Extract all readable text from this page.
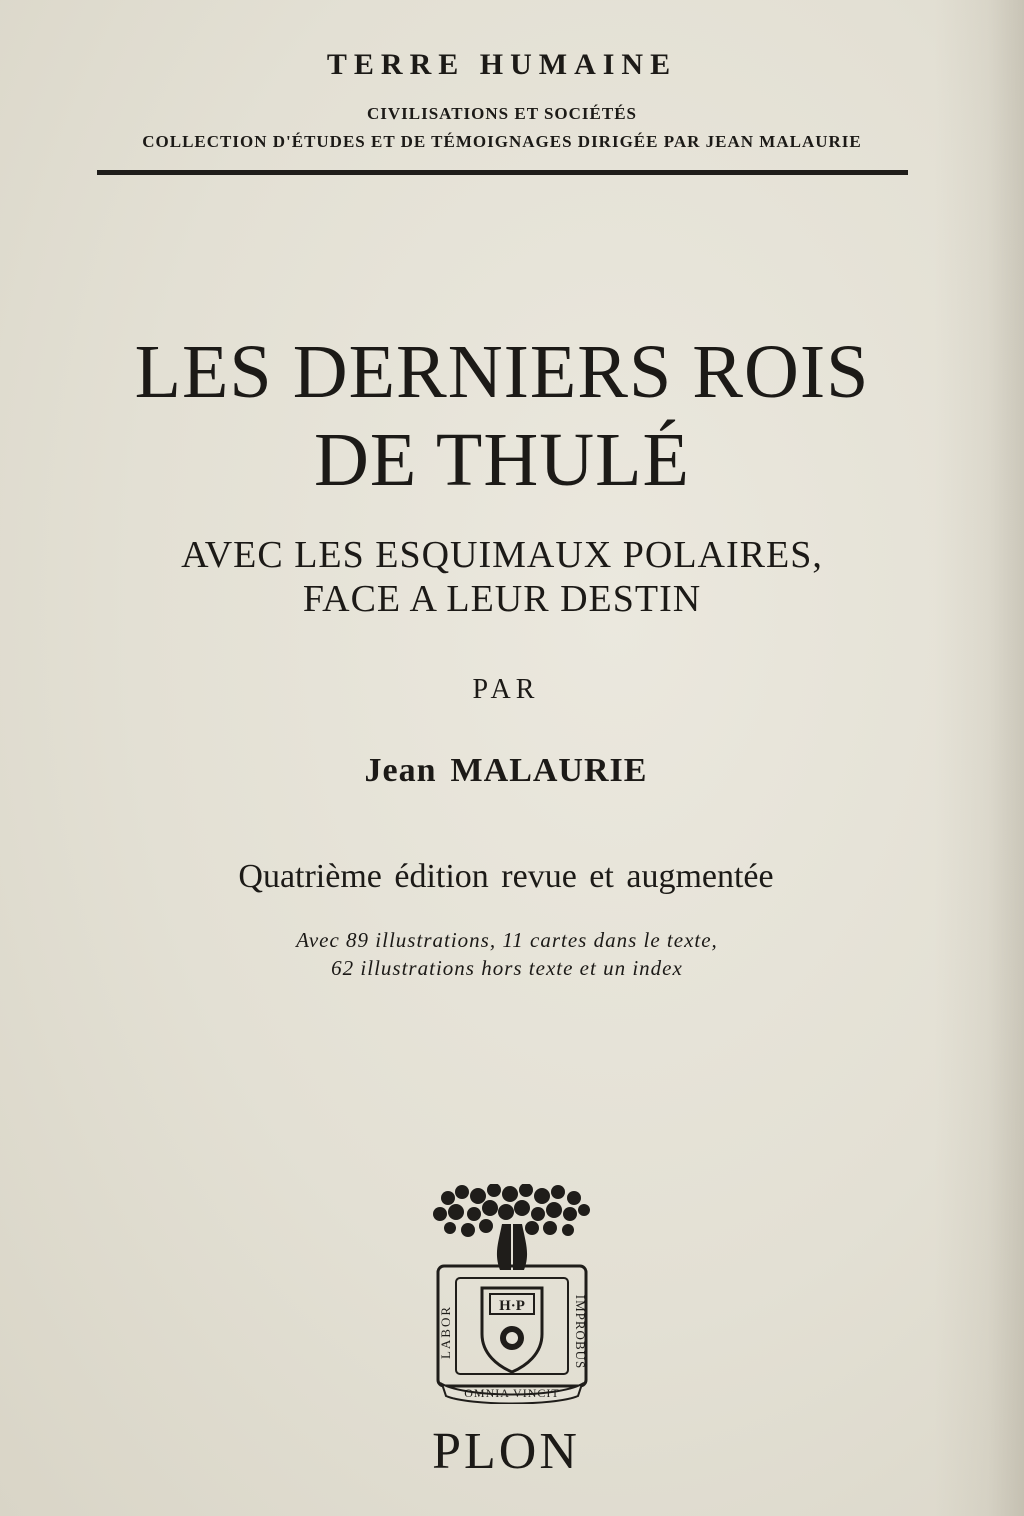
TERRE HUMAINE
CIVILISATIONS ET SOCIÉTÉS
COLLECTION D'ÉTUDES ET DE TÉMOIGNAGES DIRIGÉE PAR JEAN MALAURIE
LES DERNIERS ROIS
DE THULÉ
AVEC LES ESQUIMAUX POLAIRES,
FACE A LEUR DESTIN
PAR
Jean MALAURIE
Quatrième édition revue et augmentée
Avec 89 illustrations, 11 cartes dans le texte,
62 illustrations hors texte et un index
H·P
LABOR	IMPROBUS
OMNIA VINCIT
PLON
